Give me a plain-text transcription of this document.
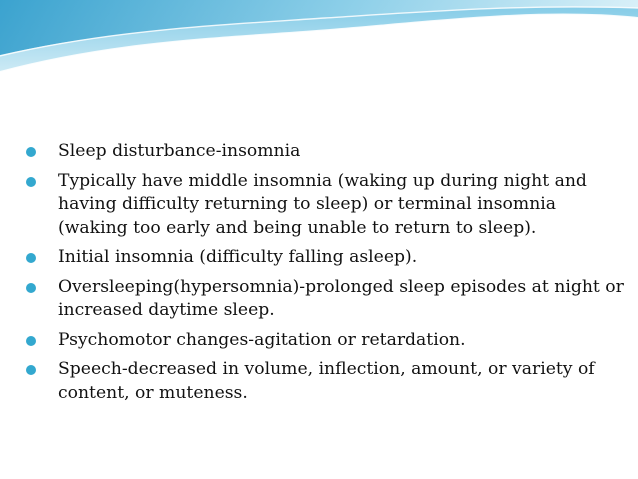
Sleep disturbance-insomnia
Typically have middle insomnia (waking up during night and having difficulty returning to sleep) or terminal insomnia (waking too early and being unable to return to sleep).
Initial insomnia (difficulty falling asleep).
Oversleeping(hypersomnia)-prolonged sleep episodes at night or increased daytime sleep.
Psychomotor changes-agitation or retardation.
Speech-decreased in volume, inflection, amount, or variety of content, or muteness.
